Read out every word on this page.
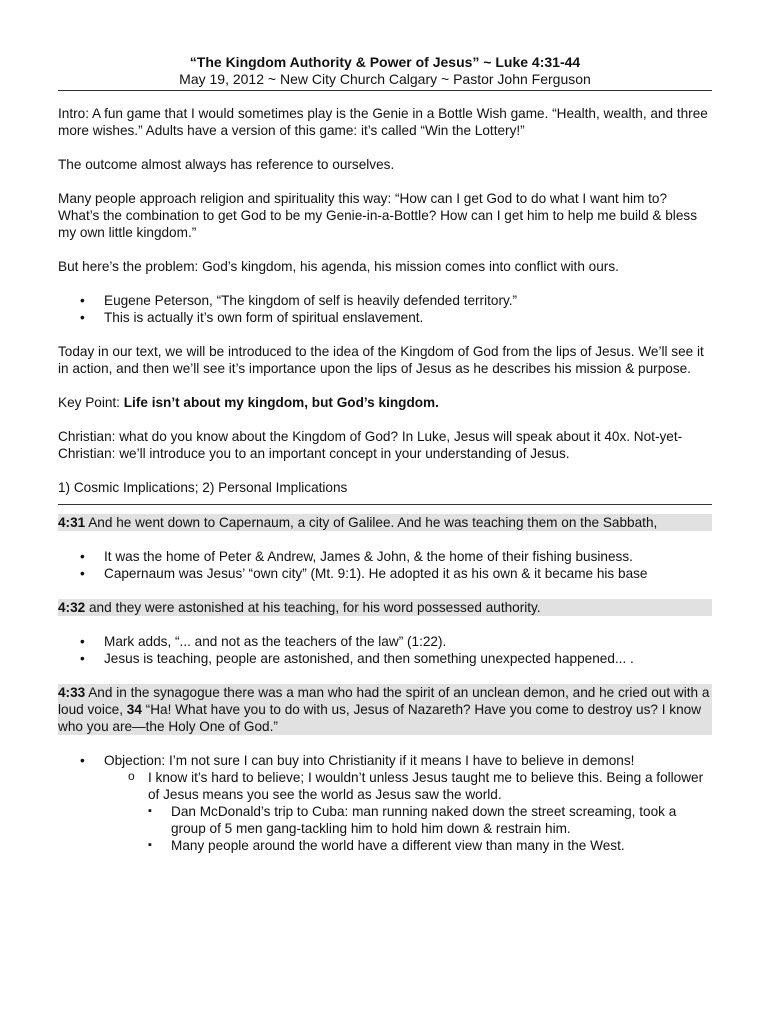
“The Kingdom Authority & Power of Jesus” ~ Luke 4:31-44
May 19, 2012 ~ New City Church Calgary ~ Pastor John Ferguson

Intro: A fun game that I would sometimes play is the Genie in a Bottle Wish game. “Health, wealth, and three more wishes.” Adults have a version of this game: it’s called “Win the Lottery!”

The outcome almost always has reference to ourselves.

Many people approach religion and spirituality this way: “How can I get God to do what I want him to? What’s the combination to get God to be my Genie-in-a-Bottle? How can I get him to help me build & bless my own little kingdom.”

But here’s the problem: God’s kingdom, his agenda, his mission comes into conflict with ours.

• Eugene Peterson, “The kingdom of self is heavily defended territory.”
• This is actually it’s own form of spiritual enslavement.

Today in our text, we will be introduced to the idea of the Kingdom of God from the lips of Jesus. We’ll see it in action, and then we’ll see it’s importance upon the lips of Jesus as he describes his mission & purpose.

Key Point: Life isn’t about my kingdom, but God’s kingdom.

Christian: what do you know about the Kingdom of God? In Luke, Jesus will speak about it 40x. Not-yet-Christian: we’ll introduce you to an important concept in your understanding of Jesus.

1) Cosmic Implications; 2) Personal Implications

4:31 And he went down to Capernaum, a city of Galilee. And he was teaching them on the Sabbath,
• It was the home of Peter & Andrew, James & John, & the home of their fishing business.
• Capernaum was Jesus’ “own city” (Mt. 9:1). He adopted it as his own & it became his base
4:32 and they were astonished at his teaching, for his word possessed authority.
• Mark adds, “... and not as the teachers of the law” (1:22).
• Jesus is teaching, people are astonished, and then something unexpected happened... .
4:33 And in the synagogue there was a man who had the spirit of an unclean demon, and he cried out with a loud voice, 34 “Ha! What have you to do with us, Jesus of Nazareth? Have you come to destroy us? I know who you are—the Holy One of God.”
• Objection: I’m not sure I can buy into Christianity if it means I have to believe in demons!
o I know it’s hard to believe; I wouldn’t unless Jesus taught me to believe this. Being a follower of Jesus means you see the world as Jesus saw the world.
▪ Dan McDonald’s trip to Cuba: man running naked down the street screaming, took a group of 5 men gang-tackling him to hold him down & restrain him.
▪ Many people around the world have a different view than many in the West.
